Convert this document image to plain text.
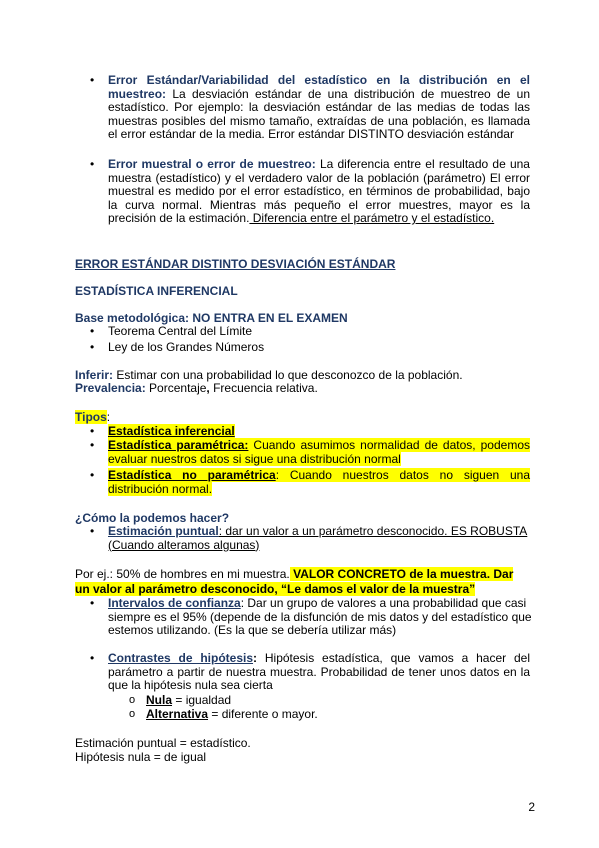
• Error Estándar/Variabilidad del estadístico en la distribución en el muestreo: La desviación estándar de una distribución de muestreo de un estadístico. Por ejemplo: la desviación estándar de las medias de todas las muestras posibles del mismo tamaño, extraídas de una población, es llamada el error estándar de la media. Error estándar DISTINTO desviación estándar

• Error muestral o error de muestreo: La diferencia entre el resultado de una muestra (estadístico) y el verdadero valor de la población (parámetro) El error muestral es medido por el error estadístico, en términos de probabilidad, bajo la curva normal. Mientras más pequeño el error muestres, mayor es la precisión de la estimación. Diferencia entre el parámetro y el estadístico.

ERROR ESTÁNDAR DISTINTO DESVIACIÓN ESTÁNDAR
ESTADÍSTICA INFERENCIAL
Base metodológica: NO ENTRA EN EL EXAMEN
• Teorema Central del Límite

• Ley de los Grandes Números

Inferir: Estimar con una probabilidad lo que desconozco de la población.

Prevalencia: Porcentaje, Frecuencia relativa.

Tipos:

• Estadística inferencial

• Estadística paramétrica: Cuando asumimos normalidad de datos, podemos evaluar nuestros datos si sigue una distribución normal

• Estadística no paramétrica: Cuando nuestros datos no siguen una distribución normal.

¿Cómo la podemos hacer?
• Estimación puntual: dar un valor a un parámetro desconocido. ES ROBUSTA (Cuando alteramos algunas)

Por ej.: 50% de hombres en mi muestra. VALOR CONCRETO de la muestra. Dar un valor al parámetro desconocido, “Le damos el valor de la muestra”

• Intervalos de confianza: Dar un grupo de valores a una probabilidad que casi siempre es el 95% (depende de la disfunción de mis datos y del estadístico que estemos utilizando. (Es la que se debería utilizar más)

• Contrastes de hipótesis: Hipótesis estadística, que vamos a hacer del parámetro a partir de nuestra muestra. Probabilidad de tener unos datos en la que la hipótesis nula sea cierta

o Nula = igualdad

o Alternativa = diferente o mayor.

Estimación puntual = estadístico.

Hipótesis nula = de igual

2
